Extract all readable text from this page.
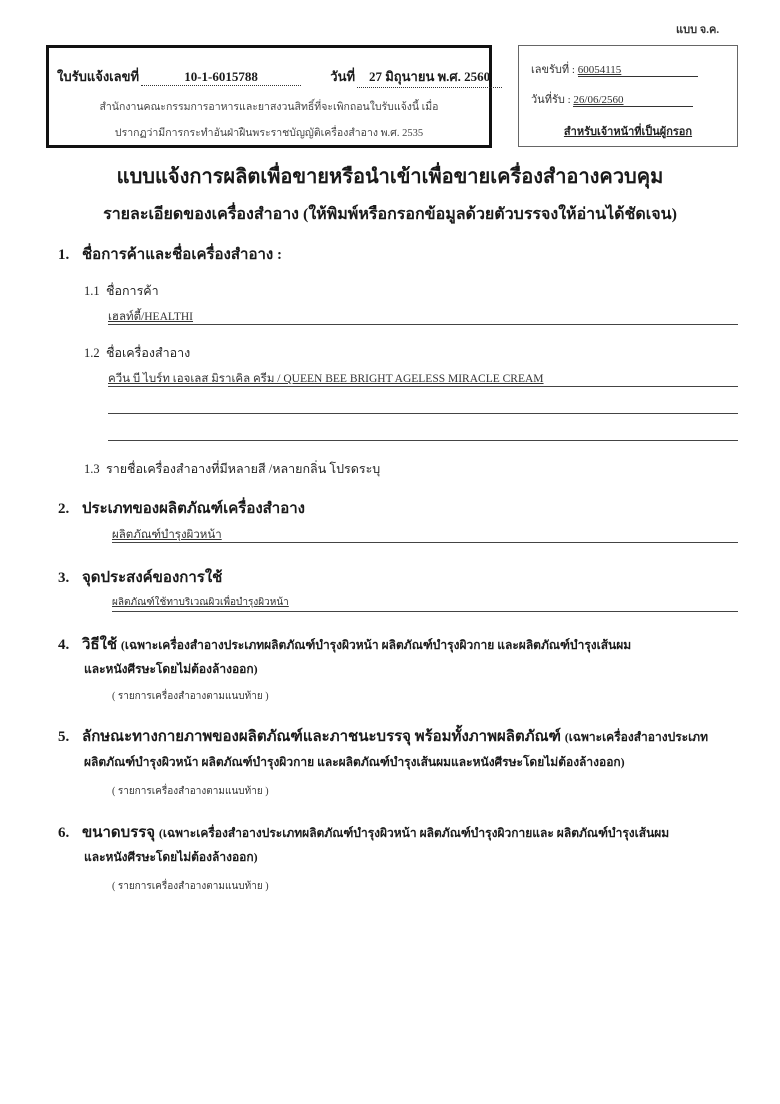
แบบ จ.ค.
ใบรับแจ้งเลขที่	10-1-6015788	วันที่ 27 มิถุนายน พ.ศ. 2560
สำนักงานคณะกรรมการอาหารและยาสงวนสิทธิ์ที่จะเพิกถอนใบรับแจ้งนี้ เมื่อ
ปรากฏว่ามีการกระทำอันฝ่าฝืนพระราชบัญญัติเครื่องสำอาง พ.ศ. 2535
เลขรับที่ : 60054115
วันที่รับ : 26/06/2560
สำหรับเจ้าหน้าที่เป็นผู้กรอก
แบบแจ้งการผลิตเพื่อขายหรือนำเข้าเพื่อขายเครื่องสำอางควบคุม
รายละเอียดของเครื่องสำอาง (ให้พิมพ์หรือกรอกข้อมูลด้วยตัวบรรจงให้อ่านได้ชัดเจน)
1. ชื่อการค้าและชื่อเครื่องสำอาง :
1.1 ชื่อการค้า
เฮลท์ตี้/HEALTHI
1.2 ชื่อเครื่องสำอาง
ควีน บี ไบร์ท เอจเลส มิราเคิล ครีม / QUEEN BEE BRIGHT AGELESS MIRACLE CREAM
1.3 รายชื่อเครื่องสำอางที่มีหลายสี /หลายกลิ่น โปรดระบุ
2. ประเภทของผลิตภัณฑ์เครื่องสำอาง
ผลิตภัณฑ์บำรุงผิวหน้า
3. จุดประสงค์ของการใช้
ผลิตภัณฑ์ใช้ทาบริเวณผิวเพื่อบำรุงผิวหน้า
4. วิธีใช้ (เฉพาะเครื่องสำอางประเภทผลิตภัณฑ์บำรุงผิวหน้า ผลิตภัณฑ์บำรุงผิวกาย และผลิตภัณฑ์บำรุงเส้นผม
และหนังศีรษะโดยไม่ต้องล้างออก)
( รายการเครื่องสำอางตามแนบท้าย )
5. ลักษณะทางกายภาพของผลิตภัณฑ์และภาชนะบรรจุ พร้อมทั้งภาพผลิตภัณฑ์ (เฉพาะเครื่องสำอางประเภท
ผลิตภัณฑ์บำรุงผิวหน้า ผลิตภัณฑ์บำรุงผิวกาย และผลิตภัณฑ์บำรุงเส้นผมและหนังศีรษะโดยไม่ต้องล้างออก)
( รายการเครื่องสำอางตามแนบท้าย )
6. ขนาดบรรจุ (เฉพาะเครื่องสำอางประเภทผลิตภัณฑ์บำรุงผิวหน้า ผลิตภัณฑ์บำรุงผิวกายและ ผลิตภัณฑ์บำรุงเส้นผม
และหนังศีรษะโดยไม่ต้องล้างออก)
( รายการเครื่องสำอางตามแนบท้าย )
